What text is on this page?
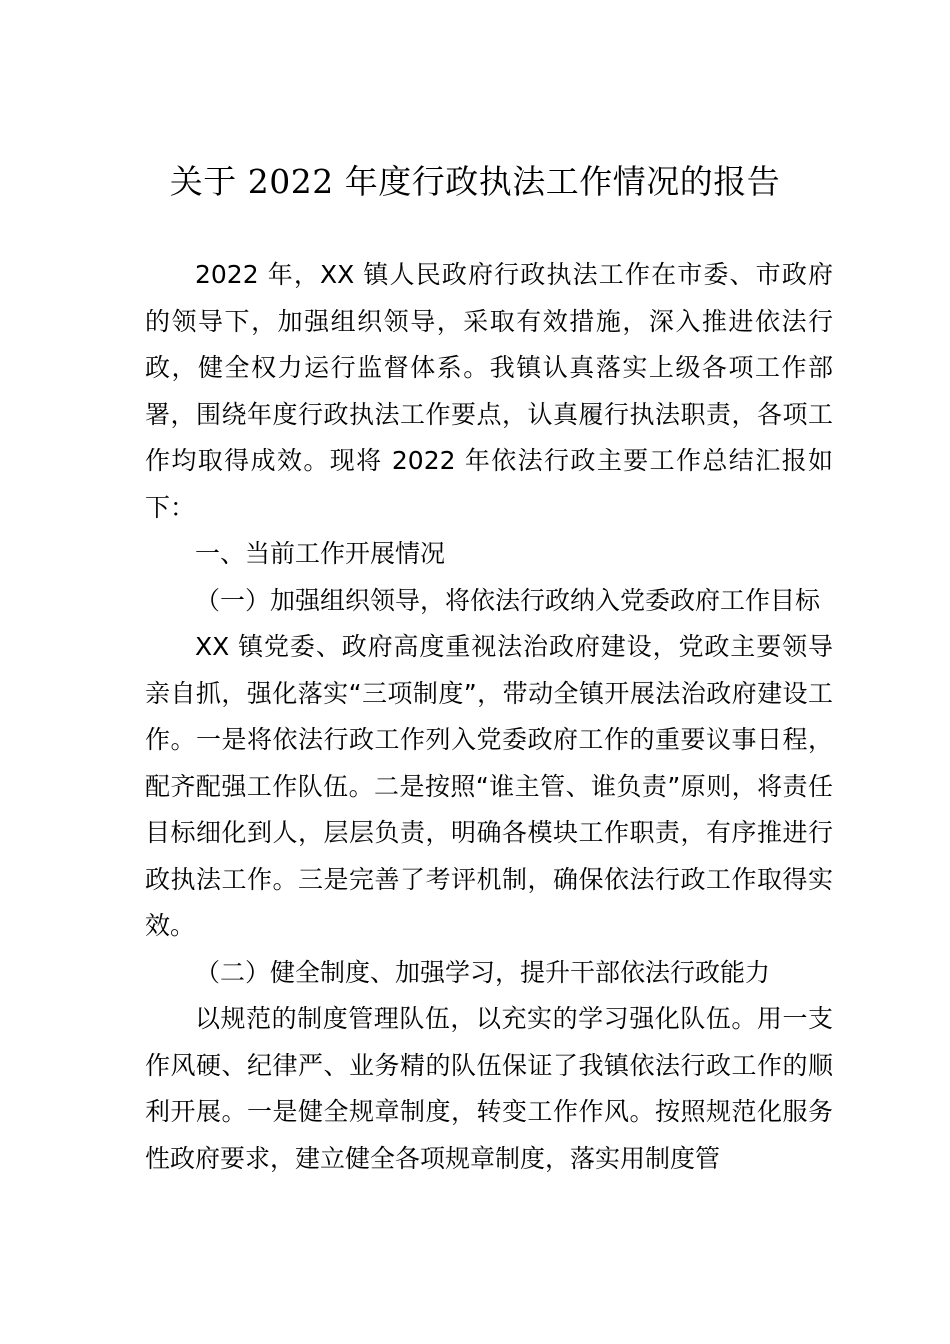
关于 2022 年度行政执法工作情况的报告

2022 年，XX 镇人民政府行政执法工作在市委、市政府的领导下，加强组织领导，采取有效措施，深入推进依法行政，健全权力运行监督体系。我镇认真落实上级各项工作部署，围绕年度行政执法工作要点，认真履行执法职责，各项工作均取得成效。现将 2022 年依法行政主要工作总结汇报如下：

一、当前工作开展情况

（一）加强组织领导，将依法行政纳入党委政府工作目标

XX 镇党委、政府高度重视法治政府建设，党政主要领导亲自抓，强化落实“三项制度”，带动全镇开展法治政府建设工作。一是将依法行政工作列入党委政府工作的重要议事日程，配齐配强工作队伍。二是按照“谁主管、谁负责”原则，将责任目标细化到人，层层负责，明确各模块工作职责，有序推进行政执法工作。三是完善了考评机制，确保依法行政工作取得实效。

（二）健全制度、加强学习，提升干部依法行政能力

以规范的制度管理队伍，以充实的学习强化队伍。用一支作风硬、纪律严、业务精的队伍保证了我镇依法行政工作的顺利开展。一是健全规章制度，转变工作作风。按照规范化服务性政府要求，建立健全各项规章制度，落实用制度管
